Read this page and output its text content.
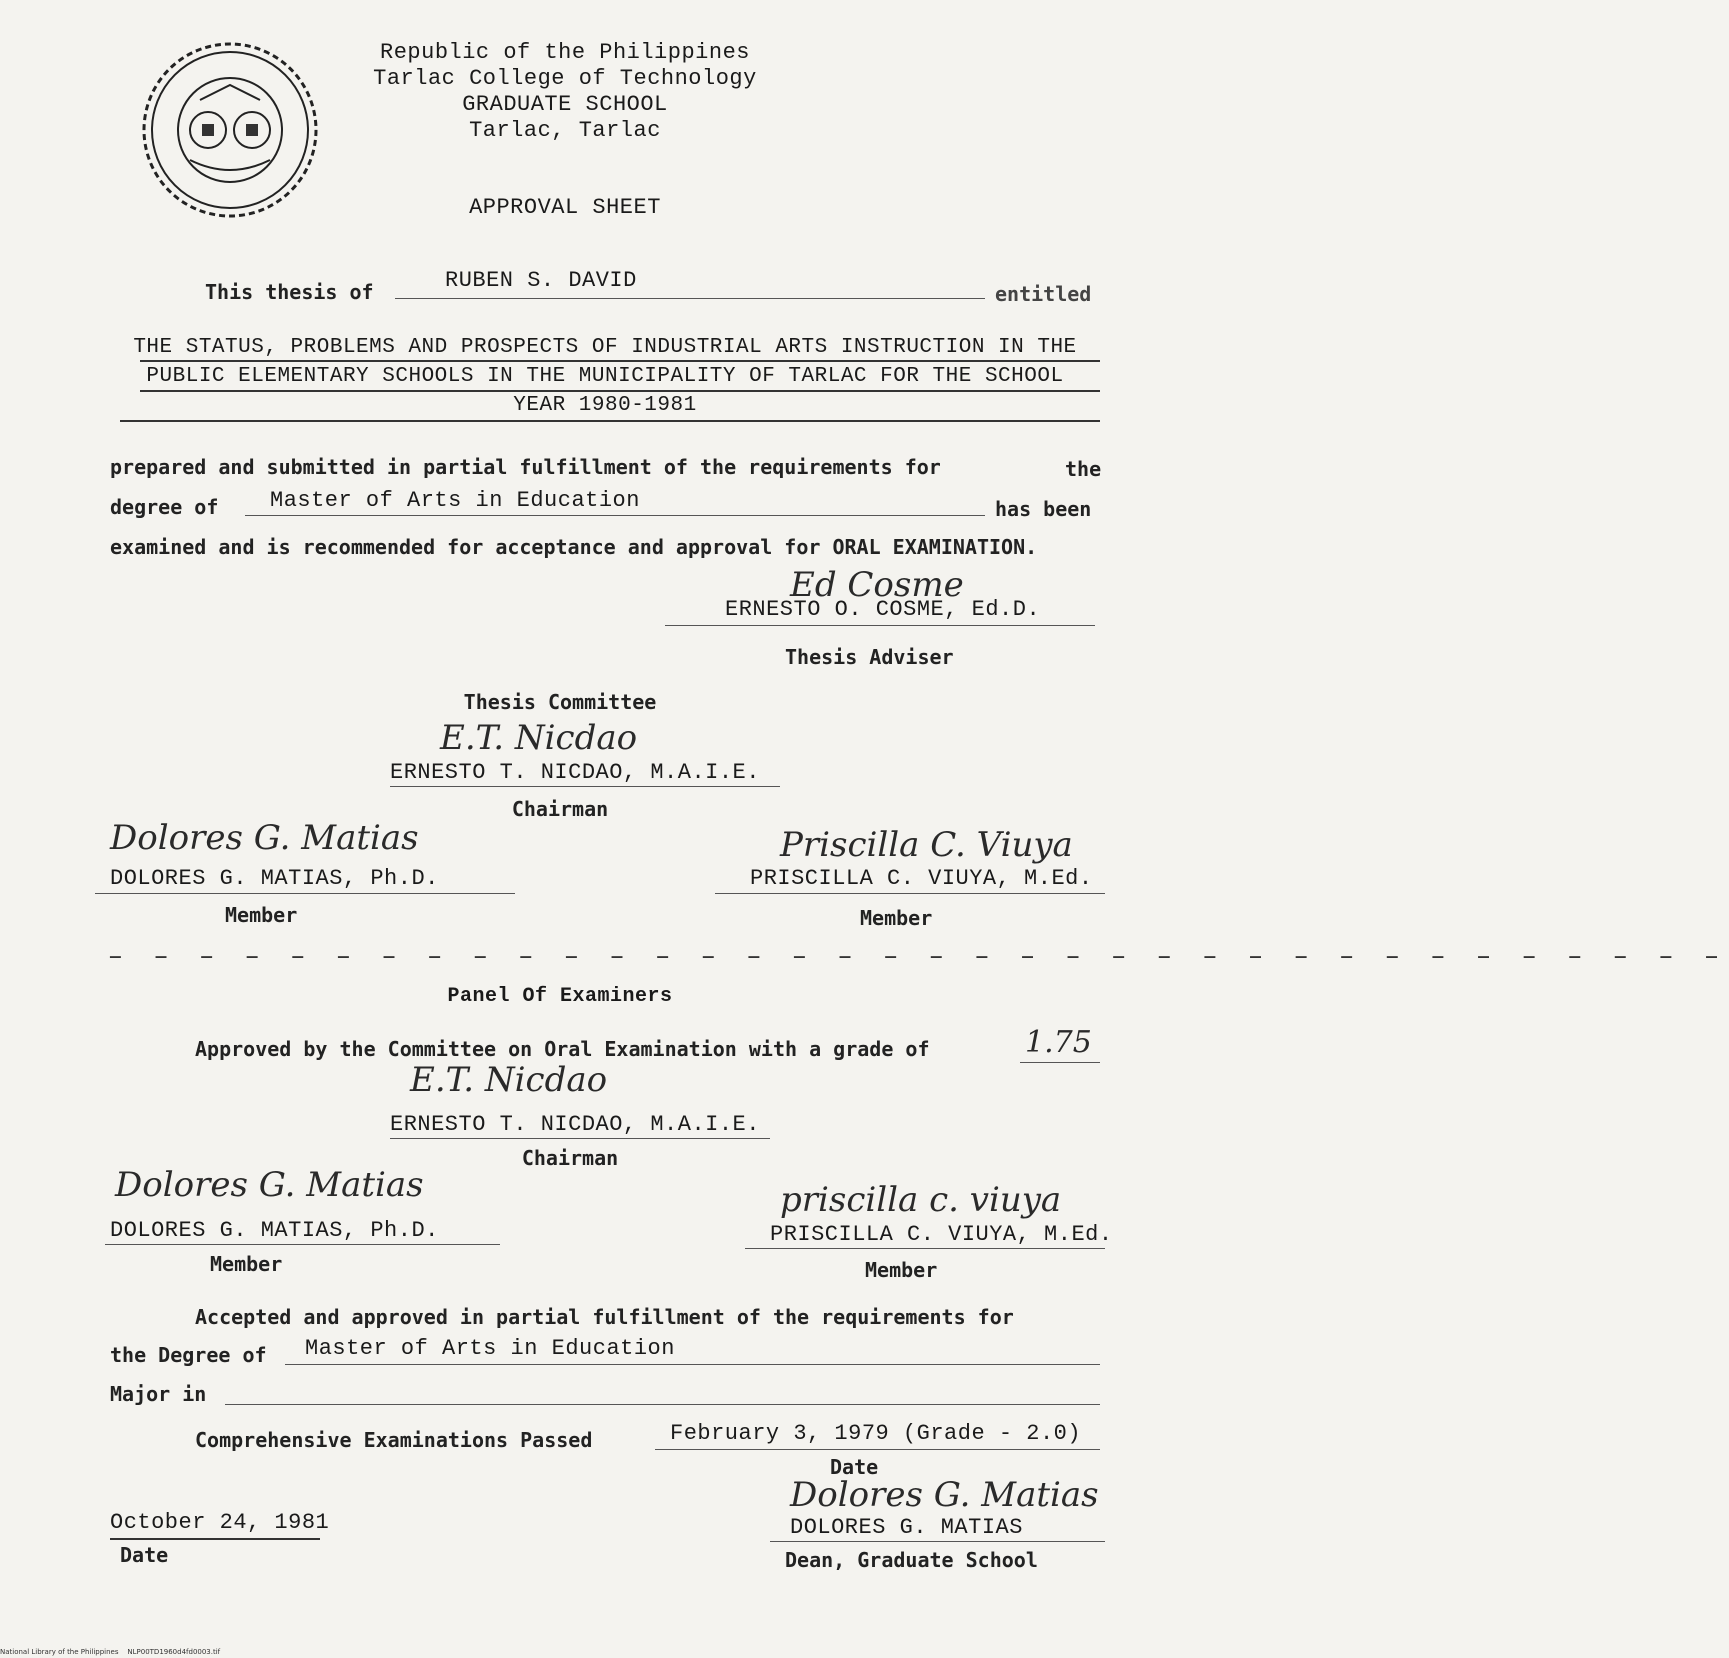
Republic of the Philippines
Tarlac College of Technology
GRADUATE SCHOOL
Tarlac, Tarlac
APPROVAL SHEET
This thesis of	RUBEN S. DAVID
entitled
THE STATUS, PROBLEMS AND PROSPECTS OF INDUSTRIAL ARTS INSTRUCTION IN THE
PUBLIC ELEMENTARY SCHOOLS IN THE MUNICIPALITY OF TARLAC FOR THE SCHOOL
YEAR 1980-1981
prepared and submitted in partial fulfillment of the requirements for	the
degree of Master of Arts in Education	has been
examined and is recommended for acceptance and approval for ORAL EXAMINATION.
Ed Cosme
ERNESTO O. COSME, Ed.D.
Thesis Adviser
Thesis Committee
E.T. Nicdao
ERNESTO T. NICDAO, M.A.I.E.
Chairman
Dolores G. Matias
DOLORES G. MATIAS, Ph.D.
Member
Priscilla C. Viuya
PRISCILLA C. VIUYA, M.Ed.
Member
— — — — — — — — — — — — — — — — — — — — — — — — — — — — — — — — — — — —
Panel Of Examiners
Approved by the Committee on Oral Examination with a grade of	1.75
E.T. Nicdao
ERNESTO T. NICDAO, M.A.I.E.
Chairman
Dolores G. Matias
DOLORES G. MATIAS, Ph.D.
Member
priscilla c. viuya
PRISCILLA C. VIUYA, M.Ed.
Member
Accepted and approved in partial fulfillment of the requirements for
the Degree of Master of Arts in Education
Major in
Comprehensive Examinations Passed	February 3, 1979 (Grade - 2.0)
Date
October 24, 1981
Date
Dolores G. Matias
DOLORES G. MATIAS
Dean, Graduate School
National Library of the Philippines    NLP00TD1960d4fd0003.tif
